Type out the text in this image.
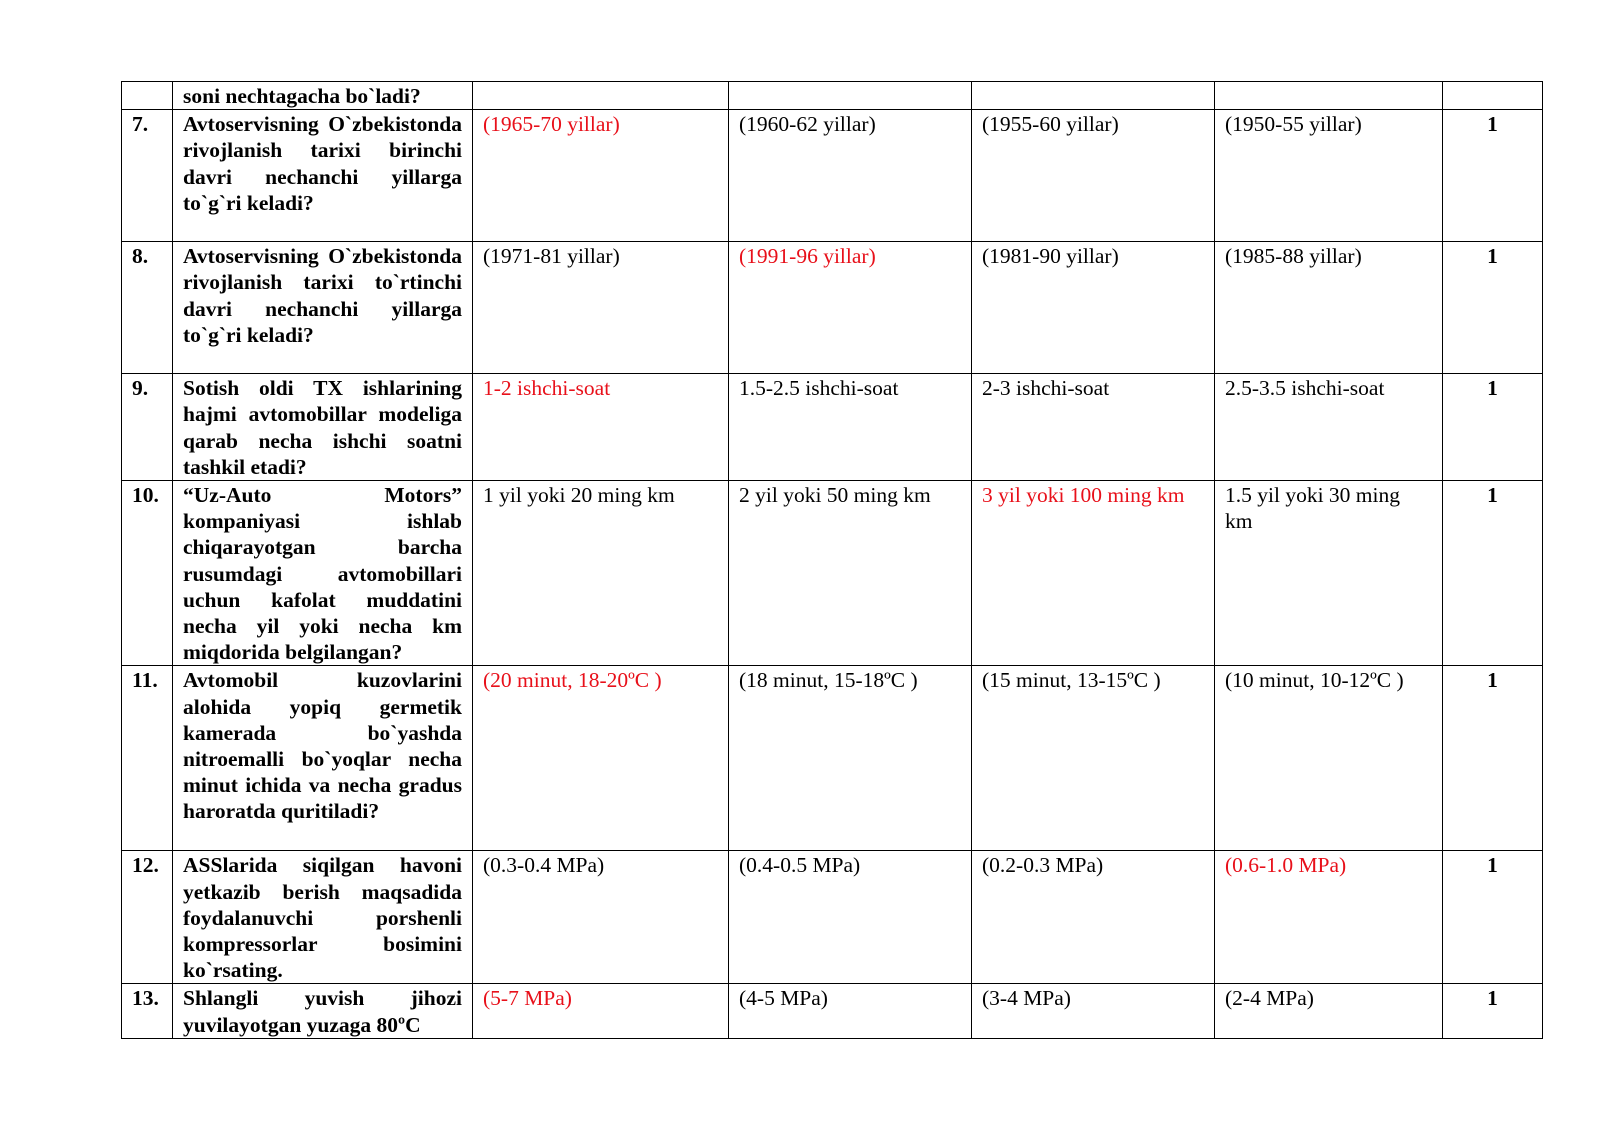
	soni nechtagacha bo`ladi?					
7.	Avtoservisning O`zbekistonda rivojlanish tarixi birinchi davri nechanchi yillarga to`g`ri keladi?	(1965-70 yillar)	(1960-62 yillar)	(1955-60 yillar)	(1950-55 yillar)	1
8.	Avtoservisning O`zbekistonda rivojlanish tarixi to`rtinchi davri nechanchi yillarga to`g`ri keladi?	(1971-81 yillar)	(1991-96 yillar)	(1981-90 yillar)	(1985-88 yillar)	1
9.	Sotish oldi TX ishlarining hajmi avtomobillar modeliga qarab necha ishchi soatni tashkil etadi?	1-2 ishchi-soat	1.5-2.5 ishchi-soat	2-3 ishchi-soat	2.5-3.5 ishchi-soat	1
10.	“Uz-Auto Motors” kompaniyasi ishlab chiqarayotgan barcha rusumdagi avtomobillari uchun kafolat muddatini necha yil yoki necha km miqdorida belgilangan?	1 yil yoki 20 ming km	2 yil yoki 50 ming km	3 yil yoki 100 ming km	1.5 yil yoki 30 ming km	1
11.	Avtomobil kuzovlarini alohida yopiq germetik kamerada bo`yashda nitroemalli bo`yoqlar necha minut ichida va necha gradus haroratda quritiladi?	(20 minut, 18-20ºC )	(18 minut, 15-18ºC )	(15 minut, 13-15ºC )	(10 minut, 10-12ºC )	1
12.	ASSlarida siqilgan havoni yetkazib berish maqsadida foydalanuvchi porshenli kompressorlar bosimini ko`rsating.	(0.3-0.4 MPa)	(0.4-0.5 MPa)	(0.2-0.3 MPa)	(0.6-1.0 MPa)	1
13.	Shlangli yuvish jihozi yuvilayotgan yuzaga 80ºC	(5-7 MPa)	(4-5 MPa)	(3-4 MPa)	(2-4 MPa)	1
